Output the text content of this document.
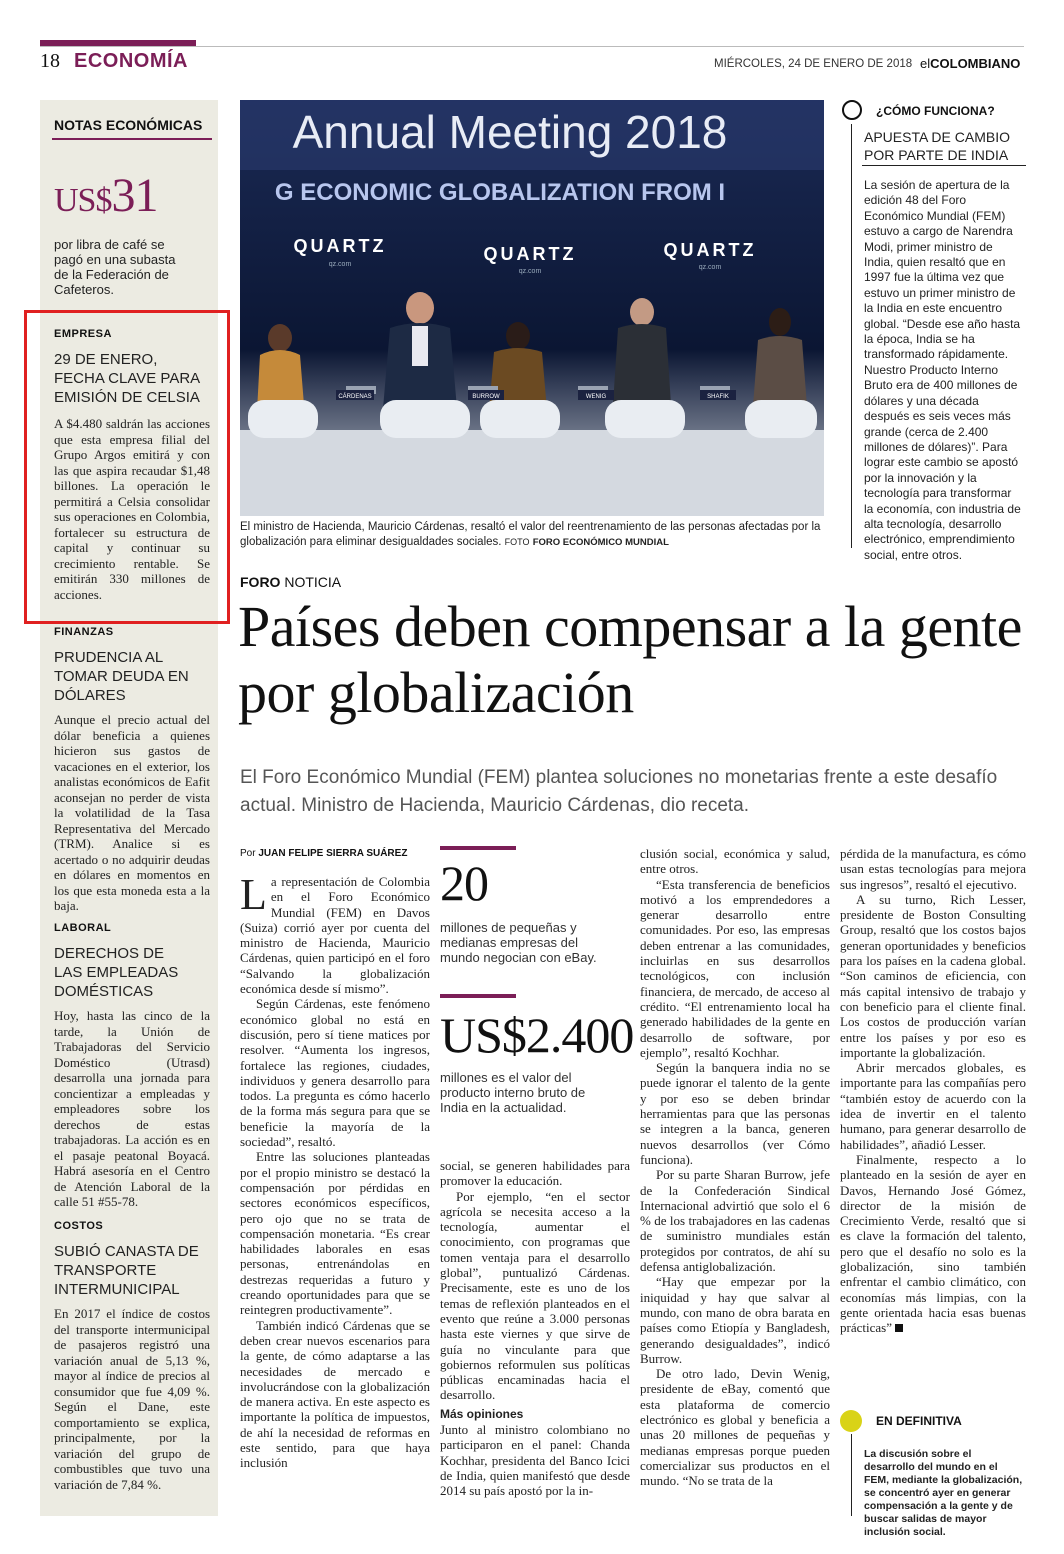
18 ECONOMÍA	MIÉRCOLES, 24 DE ENERO DE 2018 elCOLOMBIANO
NOTAS ECONÓMICAS
US$31
por libra de café se pagó en una subasta de la Federación de Cafeteros.
EMPRESA
29 DE ENERO, FECHA CLAVE PARA EMISIÓN DE CELSIA
A $4.480 saldrán las acciones que esta empresa filial del Grupo Argos emitirá y con las que aspira recaudar $1,48 billones. La operación le permitirá a Celsia consolidar sus operaciones en Colombia, fortalecer su estructura de capital y continuar su crecimiento rentable. Se emitirán 330 millones de acciones.
FINANZAS
PRUDENCIA AL TOMAR DEUDA EN DÓLARES
Aunque el precio actual del dólar beneficia a quienes hicieron sus gastos de vacaciones en el exterior, los analistas económicos de Eafit aconsejan no perder de vista la volatilidad de la Tasa Representativa del Mercado (TRM). Analice si es acertado o no adquirir deudas en dólares en momentos en los que esta moneda esta a la baja.
LABORAL
DERECHOS DE LAS EMPLEADAS DOMÉSTICAS
Hoy, hasta las cinco de la tarde, la Unión de Trabajadoras del Servicio Doméstico (Utrasd) desarrolla una jornada para concientizar a empleadas y empleadores sobre los derechos de estas trabajadoras. La acción es en el pasaje peatonal Boyacá. Habrá asesoría en el Centro de Atención Laboral de la calle 51 #55-78.
COSTOS
SUBIÓ CANASTA DE TRANSPORTE INTERMUNICIPAL
En 2017 el índice de costos del transporte intermunicipal de pasajeros registró una variación anual de 5,13 %, mayor al índice de precios al consumidor que fue 4,09 %. Según el Dane, este comportamiento se explica, principalmente, por la variación del grupo de combustibles que tuvo una variación de 7,84 %.
Annual Meeting 2018
G ECONOMIC GLOBALIZATION FROM I
QUARTZ	QUARTZ	QUARTZ
qz.com
qz.com
qz.com
CÁRDENAS	BURROW	WENIG	SHAFIK
El ministro de Hacienda, Mauricio Cárdenas, resaltó el valor del reentrenamiento de las personas afectadas por la globalización para eliminar desigualdades sociales. FOTO FORO ECONÓMICO MUNDIAL
¿CÓMO FUNCIONA?
APUESTA DE CAMBIO POR PARTE DE INDIA
La sesión de apertura de la edición 48 del Foro Económico Mundial (FEM) estuvo a cargo de Narendra Modi, primer ministro de India, quien resaltó que en 1997 fue la última vez que estuvo un primer ministro de la India en este encuentro global. “Desde ese año hasta la época, India se ha transformado rápidamente. Nuestro Producto Interno Bruto era de 400 millones de dólares y una década después es seis veces más grande (cerca de 2.400 millones de dólares)”. Para lograr este cambio se apostó por la innovación y la tecnología para transformar la economía, con industria de alta tecnología, desarrollo electrónico, emprendimiento social, entre otros.
FORO NOTICIA
Países deben compensar a la gente por globalización
El Foro Económico Mundial (FEM) plantea soluciones no monetarias frente a este desafío actual. Ministro de Hacienda, Mauricio Cárdenas, dio receta.
Por JUAN FELIPE SIERRA SUÁREZ

La representación de Colombia en el Foro Económico Mundial (FEM) en Davos (Suiza) corrió ayer por cuenta del ministro de Hacienda, Mauricio Cárdenas, quien participó en el foro “Salvando la globalización económica desde sí mismo”.

Según Cárdenas, este fenómeno económico global no está en discusión, pero sí tiene matices por resolver. “Aumenta los ingresos, fortalece las regiones, ciudades, individuos y genera desarrollo para todos. La pregunta es cómo hacerlo de la forma más segura para que se beneficie la mayoría de la sociedad”, resaltó.

Entre las soluciones planteadas por el propio ministro se destacó la compensación por pérdidas en sectores económicos específicos, pero ojo que no se trata de compensación monetaria. “Es crear habilidades laborales en esas personas, entrenándolas en destrezas requeridas a futuro y creando oportunidades para que se reintegren productivamente”.

También indicó Cárdenas que se deben crear nuevos escenarios para la gente, de cómo adaptarse a las necesidades de mercado e involucrándose con la globalización de manera activa. En este aspecto es importante la política de impuestos, de ahí la necesidad de reformas en este sentido, para que haya inclusión

20
millones de pequeñas y medianas empresas del mundo negocian con eBay.
US$2.400
millones es el valor del producto interno bruto de India en la actualidad.

social, se generen habilidades para promover la educación.

Por ejemplo, “en el sector agrícola se necesita acceso a la tecnología, aumentar el conocimiento, con programas que tomen ventaja para el desarrollo global”, puntualizó Cárdenas. Precisamente, este es uno de los temas de reflexión planteados en el evento que reúne a 3.000 personas hasta este viernes y que sirve de guía no vinculante para que gobiernos reformulen sus políticas públicas encaminadas hacia el desarrollo.

Más opiniones

Junto al ministro colombiano no participaron en el panel: Chanda Kochhar, presidenta del Banco Icici de India, quien manifestó que desde 2014 su país apostó por la in-

clusión social, económica y salud, entre otros.

“Esta transferencia de beneficios motivó a los emprendedores a generar desarrollo entre comunidades. Por eso, las empresas deben entrenar a las comunidades, incluirlas en sus desarrollos tecnológicos, con inclusión financiera, de mercado, de acceso al crédito. “El entrenamiento local ha generado habilidades de la gente en desarrollo de software, por ejemplo”, resaltó Kochhar.

Según la banquera india no se puede ignorar el talento de la gente y por eso se deben brindar herramientas para que las personas se integren a la banca, generen nuevos desarrollos (ver Cómo funciona).

Por su parte Sharan Burrow, jefe de la Confederación Sindical Internacional advirtió que solo el 6 % de los trabajadores en las cadenas de suministro mundiales están protegidos por contratos, de ahí su defensa antiglobalización.

“Hay que empezar por la iniquidad y hay que salvar al mundo, con mano de obra barata en países como Etiopía y Bangladesh, generando desigualdades”, indicó Burrow.

De otro lado, Devin Wenig, presidente de eBay, comentó que esta plataforma de comercio electrónico es global y beneficia a unas 20 millones de pequeñas y medianas empresas porque pueden comercializar sus productos en el mundo. “No se trata de la

pérdida de la manufactura, es cómo usan estas tecnologías para mejora sus ingresos”, resaltó el ejecutivo.

A su turno, Rich Lesser, presidente de Boston Consulting Group, resaltó que los costos bajos generan oportunidades y beneficios para los países en la cadena global. “Son caminos de eficiencia, con más capital intensivo de trabajo y con beneficio para el cliente final. Los costos de producción varían entre los países y por eso es importante la globalización.

Abrir mercados globales, es importante para las compañías pero “también estoy de acuerdo con la idea de invertir en el talento humano, para generar desarrollo de habilidades”, añadió Lesser.

Finalmente, respecto a lo planteado en la sesión de ayer en Davos, Hernando José Gómez, director de la misión de Crecimiento Verde, resaltó que si es clave la formación del talento, pero que el desafío no solo es la globalización, sino también enfrentar el cambio climático, con economías más limpias, con la gente orientada hacia esas buenas prácticas”

EN DEFINITIVA
La discusión sobre el desarrollo del mundo en el FEM, mediante la globalización, se concentró ayer en generar compensación a la gente y de buscar salidas de mayor inclusión social.
